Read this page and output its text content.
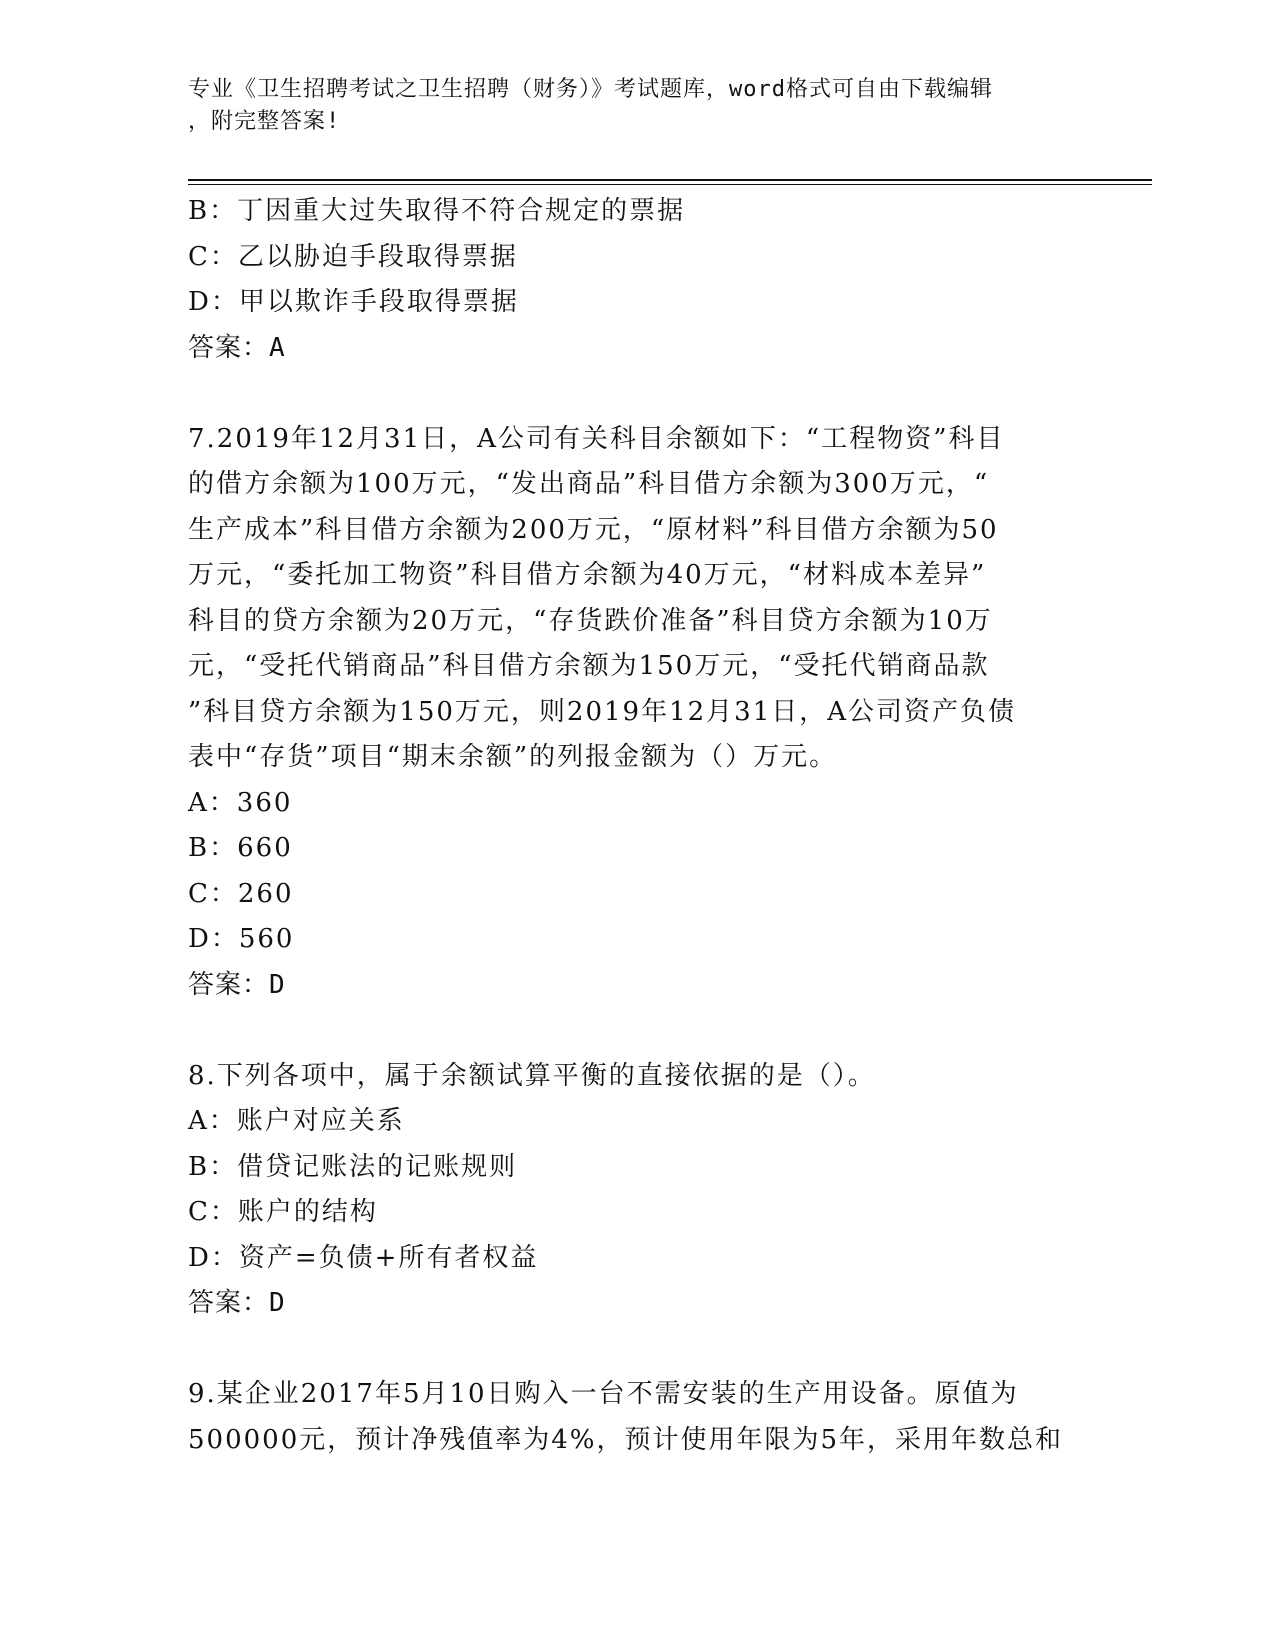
专业《卫生招聘考试之卫生招聘（财务）》考试题库，word格式可自由下载编辑
，附完整答案!
B：丁因重大过失取得不符合规定的票据
C：乙以胁迫手段取得票据
D：甲以欺诈手段取得票据
答案：A
7.2019年12月31日，A公司有关科目余额如下：“工程物资”科目
的借方余额为100万元，“发出商品”科目借方余额为300万元，“
生产成本”科目借方余额为200万元，“原材料”科目借方余额为50
万元，“委托加工物资”科目借方余额为40万元，“材料成本差异”
科目的贷方余额为20万元，“存货跌价准备”科目贷方余额为10万
元，“受托代销商品”科目借方余额为150万元，“受托代销商品款
”科目贷方余额为150万元，则2019年12月31日，A公司资产负债
表中“存货”项目“期末余额”的列报金额为（）万元。
A：360
B：660
C：260
D：560
答案：D
8.下列各项中，属于余额试算平衡的直接依据的是（）。
A：账户对应关系
B：借贷记账法的记账规则
C：账户的结构
D：资产=负债+所有者权益
答案：D
9.某企业2017年5月10日购入一台不需安装的生产用设备。原值为
500000元，预计净残值率为4%，预计使用年限为5年，采用年数总和
